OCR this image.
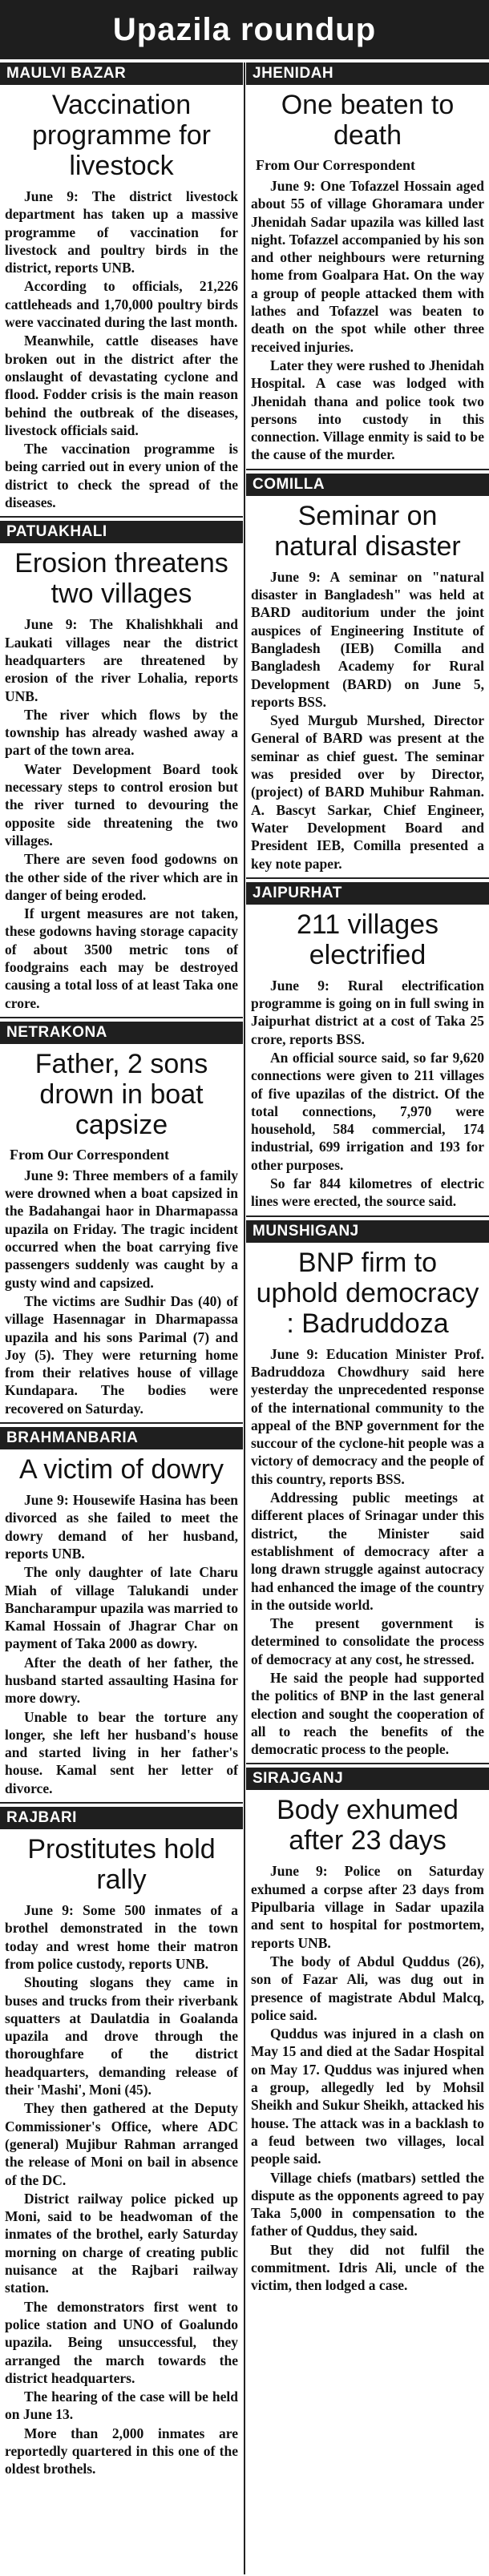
Upazila roundup
MAULVI BAZAR
Vaccination programme for livestock

June 9: The district livestock department has taken up a massive programme of vaccination for livestock and poultry birds in the district, reports UNB.

According to officials, 21,226 cattleheads and 1,70,000 poultry birds were vaccinated during the last month.

Meanwhile, cattle diseases have broken out in the district after the onslaught of devastating cyclone and flood. Fodder crisis is the main reason behind the outbreak of the diseases, livestock officials said.

The vaccination programme is being carried out in every union of the district to check the spread of the diseases.

PATUAKHALI
Erosion threatens two villages

June 9: The Khalishkhali and Laukati villages near the district headquarters are threatened by erosion of the river Lohalia, reports UNB.

The river which flows by the township has already washed away a part of the town area.

Water Development Board took necessary steps to control erosion but the river turned to devouring the opposite side threatening the two villages.

There are seven food godowns on the other side of the river which are in danger of being eroded.

If urgent measures are not taken, these godowns having storage capacity of about 3500 metric tons of foodgrains each may be destroyed causing a total loss of at least Taka one crore.

NETRAKONA
Father, 2 sons drown in boat capsize
From Our Correspondent

June 9: Three members of a family were drowned when a boat capsized in the Badahangai haor in Dharmapassa upazila on Friday. The tragic incident occurred when the boat carrying five passengers suddenly was caught by a gusty wind and capsized.

The victims are Sudhir Das (40) of village Hasennagar in Dharmapassa upazila and his sons Parimal (7) and Joy (5). They were returning home from their relatives house of village Kundapara. The bodies were recovered on Saturday.

BRAHMANBARIA
A victim of dowry

June 9: Housewife Hasina has been divorced as she failed to meet the dowry demand of her husband, reports UNB.

The only daughter of late Charu Miah of village Talukandi under Bancharampur upazila was married to Kamal Hossain of Jhagrar Char on payment of Taka 2000 as dowry.

After the death of her father, the husband started assaulting Hasina for more dowry.

Unable to bear the torture any longer, she left her husband's house and started living in her father's house. Kamal sent her letter of divorce.

RAJBARI
Prostitutes hold rally

June 9: Some 500 inmates of a brothel demonstrated in the town today and wrest home their matron from police custody, reports UNB.

Shouting slogans they came in buses and trucks from their riverbank squatters at Daulatdia in Goalanda upazila and drove through the thoroughfare of the district headquarters, demanding release of their 'Mashi', Moni (45).

They then gathered at the Deputy Commissioner's Office, where ADC (general) Mujibur Rahman arranged the release of Moni on bail in absence of the DC.

District railway police picked up Moni, said to be headwoman of the inmates of the brothel, early Saturday morning on charge of creating public nuisance at the Rajbari railway station.

The demonstrators first went to police station and UNO of Goalundo upazila. Being unsuccessful, they arranged the march towards the district headquarters.

The hearing of the case will be held on June 13.

More than 2,000 inmates are reportedly quartered in this one of the oldest brothels.

JHENIDAH
One beaten to death
From Our Correspondent

June 9: One Tofazzel Hossain aged about 55 of village Ghoramara under Jhenidah Sadar upazila was killed last night. Tofazzel accompanied by his son and other neighbours were returning home from Goalpara Hat. On the way a group of people attacked them with lathes and Tofazzel was beaten to death on the spot while other three received injuries.

Later they were rushed to Jhenidah Hospital. A case was lodged with Jhenidah thana and police took two persons into custody in this connection. Village enmity is said to be the cause of the murder.

COMILLA
Seminar on natural disaster

June 9: A seminar on "natural disaster in Bangladesh" was held at BARD auditorium under the joint auspices of Engineering Institute of Bangladesh (IEB) Comilla and Bangladesh Academy for Rural Development (BARD) on June 5, reports BSS.

Syed Murgub Murshed, Director General of BARD was present at the seminar as chief guest. The seminar was presided over by Director, (project) of BARD Muhibur Rahman. A. Bascyt Sarkar, Chief Engineer, Water Development Board and President IEB, Comilla presented a key note paper.

JAIPURHAT
211 villages electrified

June 9: Rural electrification programme is going on in full swing in Jaipurhat district at a cost of Taka 25 crore, reports BSS.

An official source said, so far 9,620 connections were given to 211 villages of five upazilas of the district. Of the total connections, 7,970 were household, 584 commercial, 174 industrial, 699 irrigation and 193 for other purposes.

So far 844 kilometres of electric lines were erected, the source said.

MUNSHIGANJ
BNP firm to uphold democracy : Badruddoza

June 9: Education Minister Prof. Badruddoza Chowdhury said here yesterday the unprecedented response of the international community to the appeal of the BNP government for the succour of the cyclone-hit people was a victory of democracy and the people of this country, reports BSS.

Addressing public meetings at different places of Srinagar under this district, the Minister said establishment of democracy after a long drawn struggle against autocracy had enhanced the image of the country in the outside world.

The present government is determined to consolidate the process of democracy at any cost, he stressed.

He said the people had supported the politics of BNP in the last general election and sought the cooperation of all to reach the benefits of the democratic process to the people.

SIRAJGANJ
Body exhumed after 23 days

June 9: Police on Saturday exhumed a corpse after 23 days from Pipulbaria village in Sadar upazila and sent to hospital for postmortem, reports UNB.

The body of Abdul Quddus (26), son of Fazar Ali, was dug out in presence of magistrate Abdul Malcq, police said.

Quddus was injured in a clash on May 15 and died at the Sadar Hospital on May 17. Quddus was injured when a group, allegedly led by Mohsil Sheikh and Sukur Sheikh, attacked his house. The attack was in a backlash to a feud between two villages, local people said.

Village chiefs (matbars) settled the dispute as the opponents agreed to pay Taka 5,000 in compensation to the father of Quddus, they said.

But they did not fulfil the commitment. Idris Ali, uncle of the victim, then lodged a case.
